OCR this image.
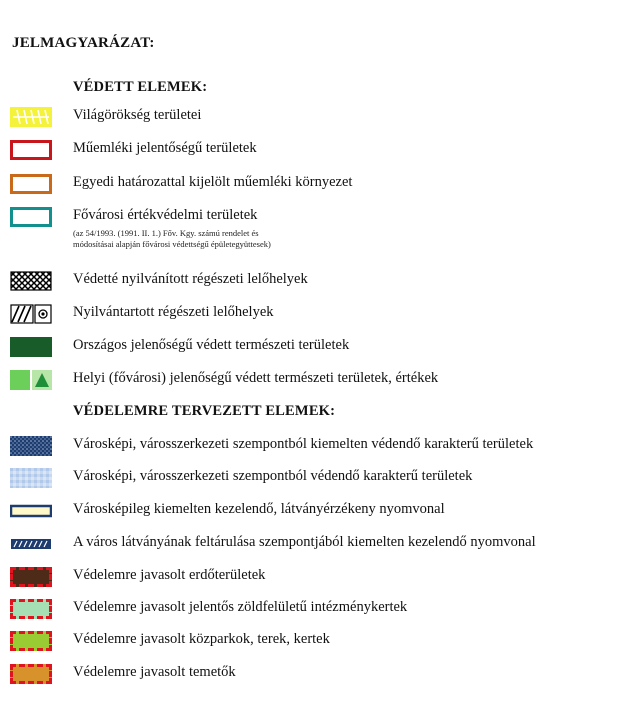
JELMAGYARÁZAT:
VÉDETT ELEMEK:
Világörökség területei
Műemléki jelentőségű területek
Egyedi határozattal kijelölt műemléki környezet
Fővárosi értékvédelmi területek
(az 54/1993. (1991. II. 1.) Főv. Kgy. számú rendelet és
módosításai alapján fővárosi védettségű épületegyüttesek)
Védetté nyilvánított régészeti lelőhelyek
Nyilvántartott régészeti lelőhelyek
Országos jelenőségű védett természeti területek
Helyi (fővárosi) jelenőségű védett természeti területek, értékek
VÉDELEMRE TERVEZETT ELEMEK:
Városképi, városszerkezeti szempontból kiemelten védendő karakterű területek
Városképi, városszerkezeti szempontból védendő karakterű területek
Városképileg kiemelten kezelendő, látványérzékeny nyomvonal
A város látványának feltárulása szempontjából kiemelten kezelendő nyomvonal
Védelemre javasolt erdőterületek
Védelemre javasolt jelentős zöldfelületű intézménykertek
Védelemre javasolt közparkok, terek, kertek
Védelemre javasolt temetők
